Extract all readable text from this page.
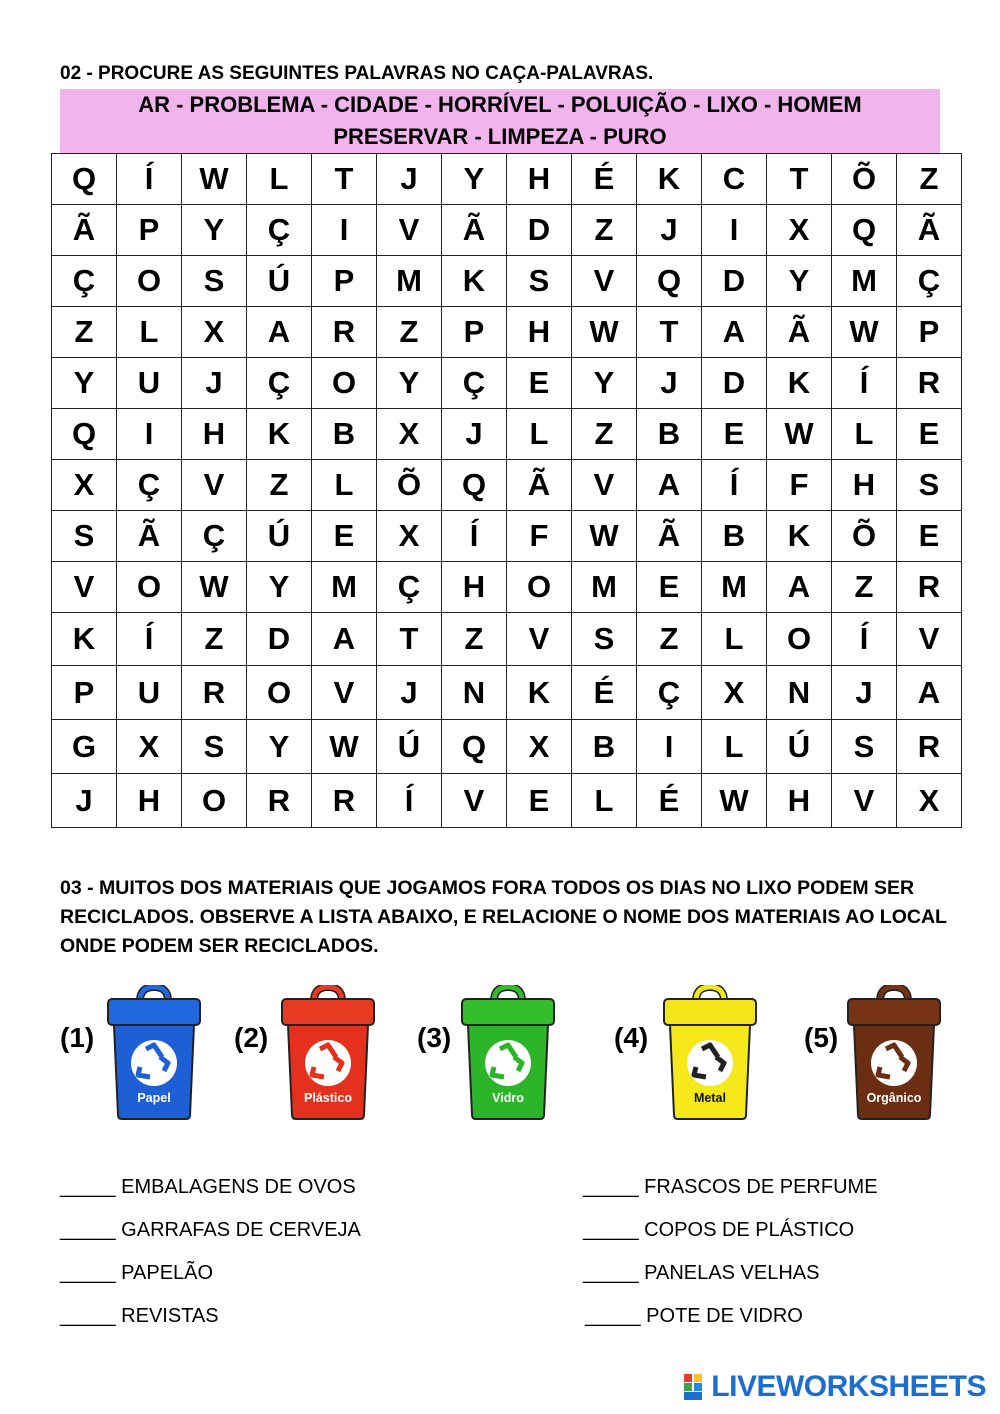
02 - PROCURE AS SEGUINTES PALAVRAS NO CAÇA-PALAVRAS.
AR - PROBLEMA - CIDADE - HORRÍVEL - POLUIÇÃO - LIXO - HOMEM
PRESERVAR - LIMPEZA - PURO
Q	Í	W	L	T	J	Y	H	É	K	C	T	Õ	Z
Ã	P	Y	Ç	I	V	Ã	D	Z	J	I	X	Q	Ã
Ç	O	S	Ú	P	M	K	S	V	Q	D	Y	M	Ç
Z	L	X	A	R	Z	P	H	W	T	A	Ã	W	P
Y	U	J	Ç	O	Y	Ç	E	Y	J	D	K	Í	R
Q	I	H	K	B	X	J	L	Z	B	E	W	L	E
X	Ç	V	Z	L	Õ	Q	Ã	V	A	Í	F	H	S
S	Ã	Ç	Ú	E	X	Í	F	W	Ã	B	K	Õ	E
V	O	W	Y	M	Ç	H	O	M	E	M	A	Z	R
K	Í	Z	D	A	T	Z	V	S	Z	L	O	Í	V
P	U	R	O	V	J	N	K	É	Ç	X	N	J	A
G	X	S	Y	W	Ú	Q	X	B	I	L	Ú	S	R
J	H	O	R	R	Í	V	E	L	É	W	H	V	X
03 - MUITOS DOS MATERIAIS QUE JOGAMOS FORA TODOS OS DIAS NO LIXO PODEM SER
RECICLADOS. OBSERVE A LISTA ABAIXO, E RELACIONE O NOME DOS MATERIAIS AO LOCAL
ONDE PODEM SER RECICLADOS.
(1)	(2)	(3)	(4)	(5)
Papel	Plástico	Vidro	Metal	Orgânico
_____ EMBALAGENS DE OVOS
_____ GARRAFAS DE CERVEJA
_____ PAPELÃO
_____ REVISTAS
_____ FRASCOS DE PERFUME
_____ COPOS DE PLÁSTICO
_____ PANELAS VELHAS
_____ POTE DE VIDRO
LIVEWORKSHEETS
